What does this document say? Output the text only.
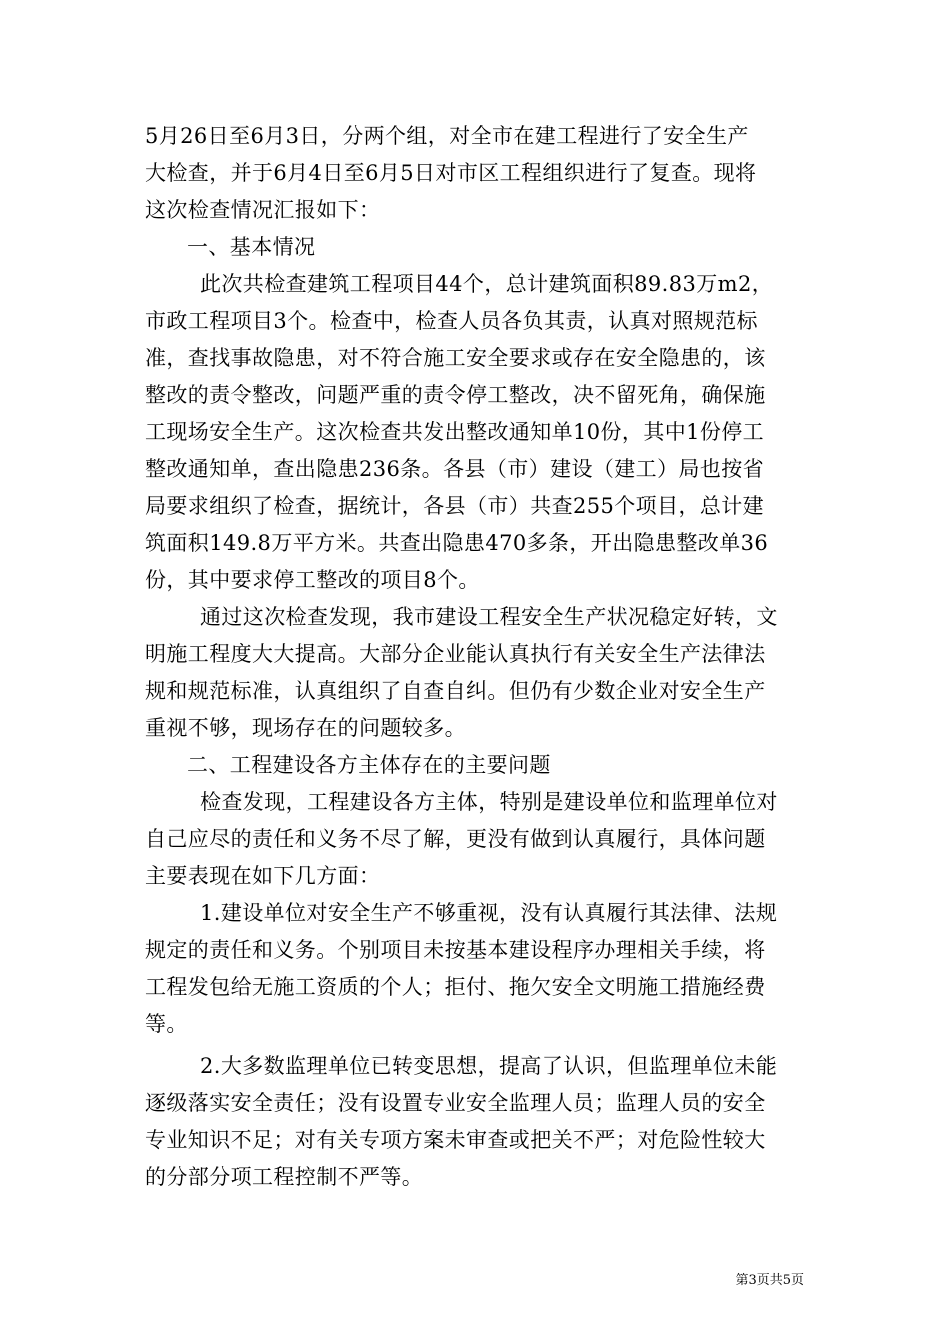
5月26日至6月3日，分两个组，对全市在建工程进行了安全生产
大检查，并于6月4日至6月5日对市区工程组织进行了复查。现将
这次检查情况汇报如下：
一、基本情况
此次共检查建筑工程项目44个，总计建筑面积89.83万m2，
市政工程项目3个。检查中，检查人员各负其责，认真对照规范标
准，查找事故隐患，对不符合施工安全要求或存在安全隐患的，该
整改的责令整改，问题严重的责令停工整改，决不留死角，确保施
工现场安全生产。这次检查共发出整改通知单10份，其中1份停工
整改通知单，查出隐患236条。各县（市）建设（建工）局也按省
局要求组织了检查，据统计，各县（市）共查255个项目，总计建
筑面积149.8万平方米。共查出隐患470多条，开出隐患整改单36
份，其中要求停工整改的项目8个。
通过这次检查发现，我市建设工程安全生产状况稳定好转，文
明施工程度大大提高。大部分企业能认真执行有关安全生产法律法
规和规范标准，认真组织了自查自纠。但仍有少数企业对安全生产
重视不够，现场存在的问题较多。
二、工程建设各方主体存在的主要问题
检查发现，工程建设各方主体，特别是建设单位和监理单位对
自己应尽的责任和义务不尽了解，更没有做到认真履行，具体问题
主要表现在如下几方面：
1.建设单位对安全生产不够重视，没有认真履行其法律、法规
规定的责任和义务。个别项目未按基本建设程序办理相关手续，将
工程发包给无施工资质的个人；拒付、拖欠安全文明施工措施经费
等。
2.大多数监理单位已转变思想，提高了认识，但监理单位未能
逐级落实安全责任；没有设置专业安全监理人员；监理人员的安全
专业知识不足；对有关专项方案未审查或把关不严；对危险性较大
的分部分项工程控制不严等。
第3页共5页
